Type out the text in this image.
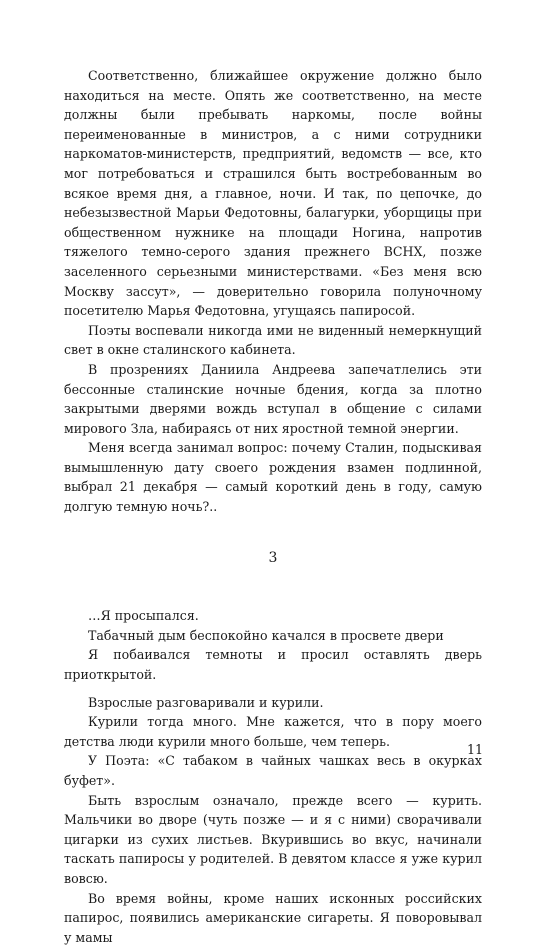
Соответственно, ближайшее окружение должно было находиться на месте. Опять же соответственно, на месте должны были пребывать наркомы, после войны переименованные в министров, а с ними сотрудники наркоматов-министерств, предприятий, ведомств — все, кто мог потребоваться и страшился быть востребованным во всякое время дня, а главное, ночи. И так, по цепочке, до небезызвестной Марьи Федотовны, балагурки, уборщицы при общественном нужнике на площади Ногина, напротив тяжелого темно-серого здания прежнего ВСНХ, позже заселенного серьезными министерствами. «Без меня всю Москву засcут», — доверительно говорила полуночному посетителю Марья Федотовна, угущаясь папиросой.

Поэты воспевали никогда ими не виденный немеркнущий свет в окне сталинского кабинета.

В прозрениях Даниила Андреева запечатлелись эти бессонные сталинские ночные бдения, когда за плотно закрытыми дверями вождь вступал в общение с силами мирового Зла, набираясь от них яростной темной энергии.

Меня всегда занимал вопрос: почему Сталин, подыскивая вымышленную дату своего рождения взамен подлинной, выбрал 21 декабря — самый короткий день в году, самую долгую темную ночь?..

3

…Я просыпался.

Табачный дым беспокойно качался в просвете двери

Я побаивался темноты и просил оставлять дверь приоткрытой.

Взрослые разговаривали и курили.

Курили тогда много. Мне кажется, что в пору моего детства люди курили много больше, чем теперь.

У Поэта: «С табаком в чайных чашках весь в окурках буфет».

Быть взрослым означало, прежде всего — курить. Мальчики во дворе (чуть позже — и я с ними) сворачивали цигарки из сухих листьев. Вкурившись во вкус, начинали таскать папиросы у родителей. В девятом классе я уже курил вовсю.

Во время войны, кроме наших исконных российских папирос, появились американские сигареты. Я поворовывал у мамы

11
